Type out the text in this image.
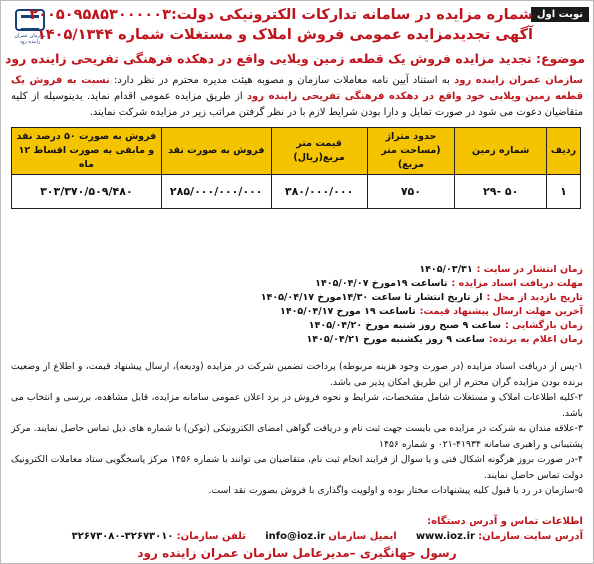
نوبت اول
سازمان عمران زاینده رود
شماره مزایده در سامانه تدارکات الکترونیکی دولت:۲۰۰۵۰۹۵۸۵۳۰۰۰۰۰۳
آگهی تجدیدمزایده عمومی فروش املاک و مستغلات شماره ۱۴۰۵/۱۳۴۴
موضوع: تجدید مزایده فروش یک قطعه زمین ویلایی واقع در دهکده فرهنگی تفریحی زاینده رود
سازمان عمران زاینده رود به استناد آیین نامه معاملات سازمان و مصوبه هیئت مدیره محترم در نظر دارد: نسبت به فروش یک قطعه زمین ویلایی خود واقع در دهکده فرهنگی تفریحی زاینده رود از طریق مزایده عمومی اقدام نماید. بدینوسیله از کلیه متقاضیان دعوت می شود در صورت تمایل و دارا بودن شرایط لازم با در نظر گرفتن مراتب زیر در مزایده شرکت نمایند.
ردیف	شماره زمین	حدود متراژ (مساحت متر مربع)	قیمت متر مربع(ریال)	فروش به صورت نقد	فروش به صورت ۵۰ درصد نقد و مابقی به صورت اقساط ۱۲ ماه
۱	۵۰ -۲۹	۷۵۰	۳۸۰/۰۰۰/۰۰۰	۲۸۵/۰۰۰/۰۰۰/۰۰۰	۳۰۳/۳۷۰/۵۰۹/۴۸۰
زمان انتشار در سایت :۱۴۰۵/۰۳/۳۱
مهلت دریافت اسناد مزایده :تاساعت ۱۹مورخ ۱۴۰۵/۰۴/۰۷
تاریخ بازدید از محل :از تاریخ انتشار تا ساعت ۱۴/۳۰مورخ ۱۴۰۵/۰۴/۱۷
آخرین مهلت ارسال پیشنهاد قیمت:تاساعت ۱۹ مورخ ۱۴۰۵/۰۴/۱۷
زمان بازگشایی :ساعت ۹ صبح روز شنبه مورخ ۱۴۰۵/۰۴/۲۰
زمان اعلام به برنده:ساعت ۹ روز یکشنبه مورخ ۱۴۰۵/۰۴/۲۱

۱-پس از دریافت اسناد مزایده (در صورت وجود هزینه مربوطه) پرداخت تضمین شرکت در مزایده (ودیعه)، ارسال پیشنهاد قیمت، و اطلاع از وضعیت برنده بودن مزایده گران محترم از این طریق امکان پذیر می باشد.

۲-کلیه اطلاعات املاک و مستغلات شامل مشخصات، شرایط و نحوه فروش در برد اعلان عمومی سامانه مزایده، قابل مشاهده، بررسی و انتخاب می باشد.

۳-علاقه مندان به شرکت در مزایده می بایست جهت ثبت نام و دریافت گواهی امضای الکترونیکی (توکن) با شماره های ذیل تماس حاصل نمایند. مرکز پشتیبانی و راهبری سامانه ۴۱۹۳۴-۰۲۱ و شماره ۱۴۵۶

۴-در صورت بروز هرگونه اشکال فنی و یا سوال از فرایند انجام ثبت نام، متقاضیان می توانند با شماره ۱۴۵۶ مرکز پاسخگویی ستاد معاملات الکترونیک دولت تماس حاصل نمایند.

۵-سازمان در رد یا قبول کلیه پیشنهادات مختار بوده و اولویت واگذاری با فروش بصورت نقد است.

اطلاعات تماس و آدرس دستگاه:
آدرس سایت سازمان: www.ioz.ir ایمیل سازمان info@ioz.ir تلفن سازمان: ۳۲۶۷۳۰۱۰-۳۲۶۷۳۰۸۰
رسول جهانگیری –مدیرعامل سازمان عمران زاینده رود
